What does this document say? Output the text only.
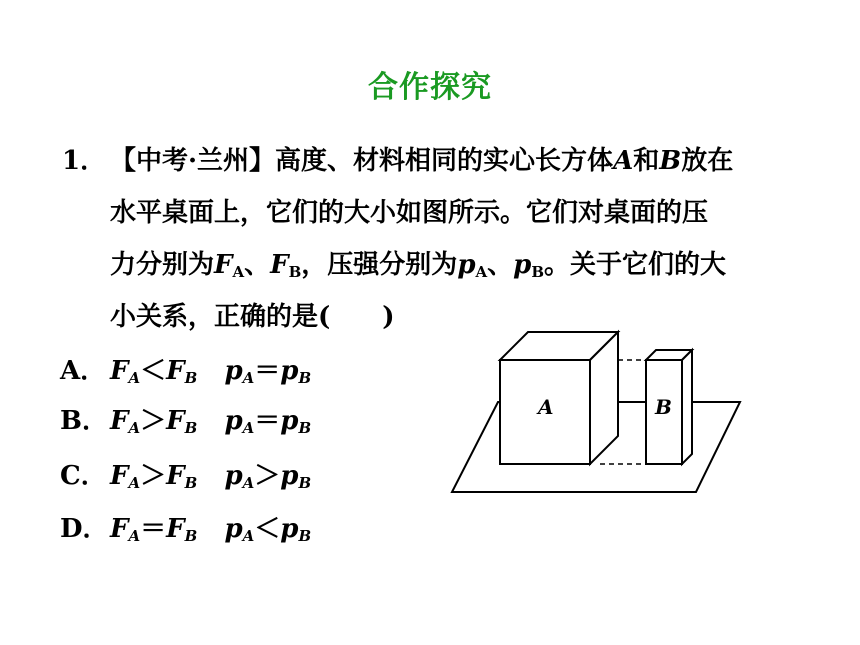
合作探究
1． 【中考·兰州】高度、材料相同的实心长方体A和B放在
水平桌面上，它们的大小如图所示。它们对桌面的压
力分别为$F_A$、$F_B$，压强分别为$p_A$、$p_B$。关于它们的大
小关系，正确的是(　　)
A． $F_A<F_B$ $p_A=p_B$
B．$F_A>F_B$ $p_A=p_B$
C． $F_A>F_B$ $p_A>p_B$
D．$F_A=F_B$ $p_A<p_B$
A	B
